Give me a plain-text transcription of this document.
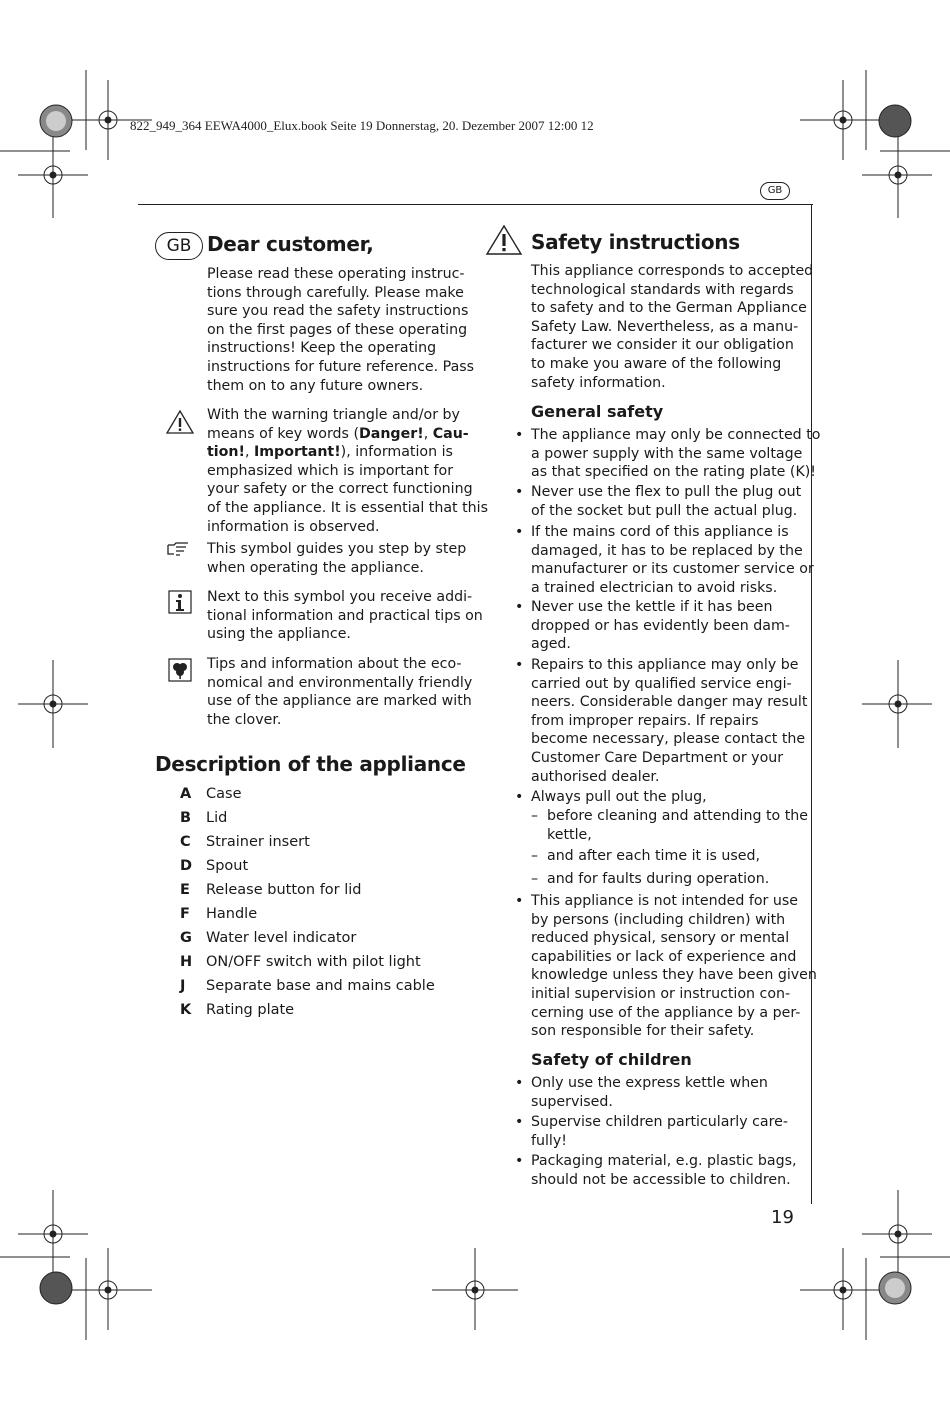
822_949_364 EEWA4000_Elux.book Seite 19 Donnerstag, 20. Dezember 2007 12:00 12
GB
GB Dear customer,
Please read these operating instruc-
tions through carefully. Please make
sure you read the safety instructions
on the first pages of these operating
instructions! Keep the operating
instructions for future reference. Pass
them on to any future owners.
With the warning triangle and/or by
means of key words (Danger!, Cau-
tion!, Important!), information is
emphasized which is important for
your safety or the correct functioning
of the appliance. It is essential that this
information is observed.
This symbol guides you step by step
when operating the appliance.
Next to this symbol you receive addi-
tional information and practical tips on
using the appliance.
Tips and information about the eco-
nomical and environmentally friendly
use of the appliance are marked with
the clover.
Description of the appliance
A Case
B Lid
C Strainer insert
D Spout
E Release button for lid
F Handle
G Water level indicator
H ON/OFF switch with pilot light
J Separate base and mains cable
K Rating plate
Safety instructions
This appliance corresponds to accepted
technological standards with regards
to safety and to the German Appliance
Safety Law. Nevertheless, as a manu-
facturer we consider it our obligation
to make you aware of the following
safety information.
General safety
• The appliance may only be connected to
a power supply with the same voltage
as that specified on the rating plate (K)!
• Never use the flex to pull the plug out
of the socket but pull the actual plug.
• If the mains cord of this appliance is
damaged, it has to be replaced by the
manufacturer or its customer service or
a trained electrician to avoid risks.
• Never use the kettle if it has been
dropped or has evidently been dam-
aged.
• Repairs to this appliance may only be
carried out by qualified service engi-
neers. Considerable danger may result
from improper repairs. If repairs
become necessary, please contact the
Customer Care Department or your
authorised dealer.
• Always pull out the plug,
– before cleaning and attending to the
kettle,
– and after each time it is used,
– and for faults during operation.
• This appliance is not intended for use
by persons (including children) with
reduced physical, sensory or mental
capabilities or lack of experience and
knowledge unless they have been given
initial supervision or instruction con-
cerning use of the appliance by a per-
son responsible for their safety.
Safety of children
• Only use the express kettle when
supervised.
• Supervise children particularly care-
fully!
• Packaging material, e.g. plastic bags,
should not be accessible to children.
19
